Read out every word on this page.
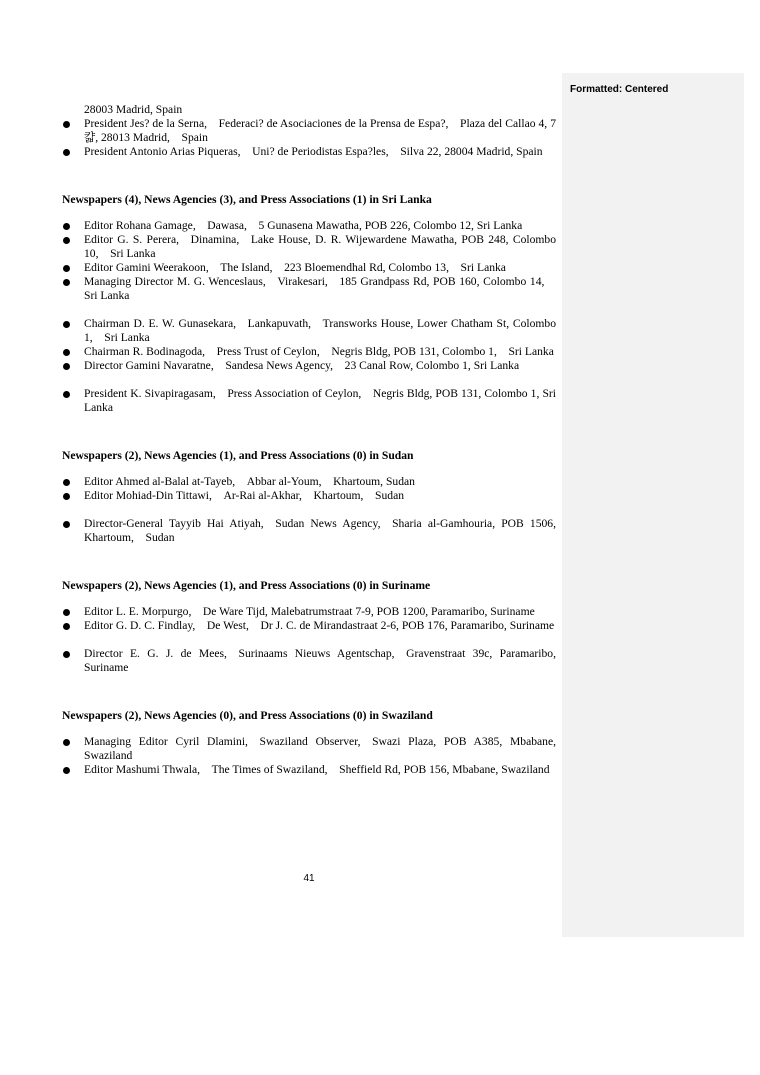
Formatted: Centered
28003 Madrid, Spain
President Jes? de la Serna, Federaci? de Asociaciones de la Prensa de Espa?, Plaza del Callao 4, 7 캷, 28013 Madrid, Spain
President Antonio Arias Piqueras, Uni? de Periodistas Espa?les, Silva 22, 28004 Madrid, Spain
Newspapers (4), News Agencies (3), and Press Associations (1) in Sri Lanka
Editor Rohana Gamage, Dawasa, 5 Gunasena Mawatha, POB 226, Colombo 12, Sri Lanka
Editor G. S. Perera, Dinamina, Lake House, D. R. Wijewardene Mawatha, POB 248, Colombo 10, Sri Lanka
Editor Gamini Weerakoon, The Island, 223 Bloemendhal Rd, Colombo 13, Sri Lanka
Managing Director M. G. Wenceslaus, Virakesari, 185 Grandpass Rd, POB 160, Colombo 14, Sri Lanka
Chairman D. E. W. Gunasekara, Lankapuvath, Transworks House, Lower Chatham St, Colombo 1, Sri Lanka
Chairman R. Bodinagoda, Press Trust of Ceylon, Negris Bldg, POB 131, Colombo 1, Sri Lanka
Director Gamini Navaratne, Sandesa News Agency, 23 Canal Row, Colombo 1, Sri Lanka
President K. Sivapiragasam, Press Association of Ceylon, Negris Bldg, POB 131, Colombo 1, Sri Lanka
Newspapers (2), News Agencies (1), and Press Associations (0) in Sudan
Editor Ahmed al-Balal at-Tayeb, Abbar al-Youm, Khartoum, Sudan
Editor Mohiad-Din Tittawi, Ar-Rai al-Akhar, Khartoum, Sudan
Director-General Tayyib Hai Atiyah, Sudan News Agency, Sharia al-Gamhouria, POB 1506, Khartoum, Sudan
Newspapers (2), News Agencies (1), and Press Associations (0) in Suriname
Editor L. E. Morpurgo, De Ware Tijd, Malebatrumstraat 7-9, POB 1200, Paramaribo, Suriname
Editor G. D. C. Findlay, De West, Dr J. C. de Mirandastraat 2-6, POB 176, Paramaribo, Suriname
Director E. G. J. de Mees, Surinaams Nieuws Agentschap, Gravenstraat 39c, Paramaribo, Suriname
Newspapers (2), News Agencies (0), and Press Associations (0) in Swaziland
Managing Editor Cyril Dlamini, Swaziland Observer, Swazi Plaza, POB A385, Mbabane, Swaziland
Editor Mashumi Thwala, The Times of Swaziland, Sheffield Rd, POB 156, Mbabane, Swaziland
41
